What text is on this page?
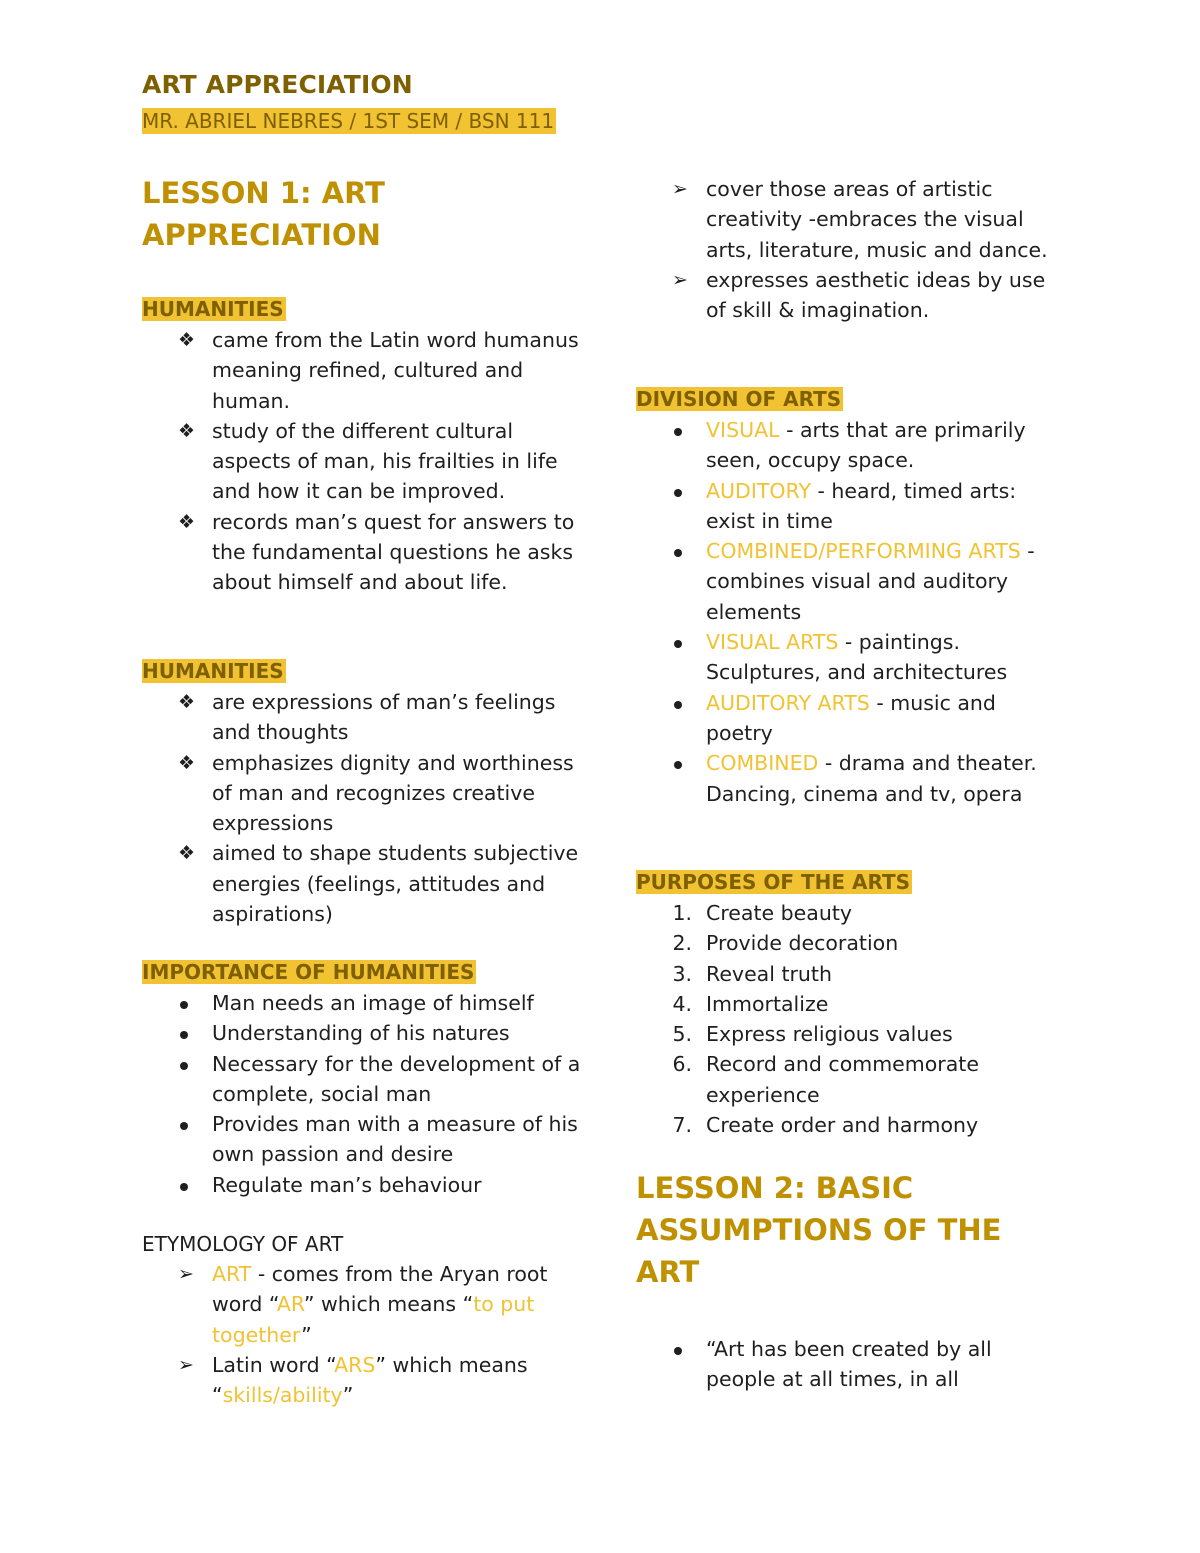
ART APPRECIATION
MR. ABRIEL NEBRES / 1ST SEM / BSN 111
LESSON 1: ART
APPRECIATION
HUMANITIES
❖ came from the Latin word humanus meaning refined, cultured and human.
❖ study of the different cultural aspects of man, his frailties in life and how it can be improved.
❖ records man’s quest for answers to the fundamental questions he asks about himself and about life.
HUMANITIES
❖ are expressions of man’s feelings and thoughts
❖ emphasizes dignity and worthiness of man and recognizes creative expressions
❖ aimed to shape students subjective energies (feelings, attitudes and aspirations)
IMPORTANCE OF HUMANITIES
Man needs an image of himself
Understanding of his natures
Necessary for the development of a complete, social man
Provides man with a measure of his own passion and desire
Regulate man’s behaviour
ETYMOLOGY OF ART
➢ ART - comes from the Aryan root word “AR” which means “to put together”
➢ Latin word “ARS” which means “skills/ability”
➢ cover those areas of artistic creativity -embraces the visual arts, literature, music and dance.
➢ expresses aesthetic ideas by use of skill & imagination.
DIVISION OF ARTS
VISUAL - arts that are primarily seen, occupy space.
AUDITORY - heard, timed arts: exist in time
COMBINED/PERFORMING ARTS - combines visual and auditory elements
VISUAL ARTS - paintings. Sculptures, and architectures
AUDITORY ARTS - music and poetry
COMBINED - drama and theater. Dancing, cinema and tv, opera
PURPOSES OF THE ARTS
1. Create beauty
2. Provide decoration
3. Reveal truth
4. Immortalize
5. Express religious values
6. Record and commemorate experience
7. Create order and harmony
LESSON 2: BASIC
ASSUMPTIONS OF THE
ART
“Art has been created by all people at all times, in all
